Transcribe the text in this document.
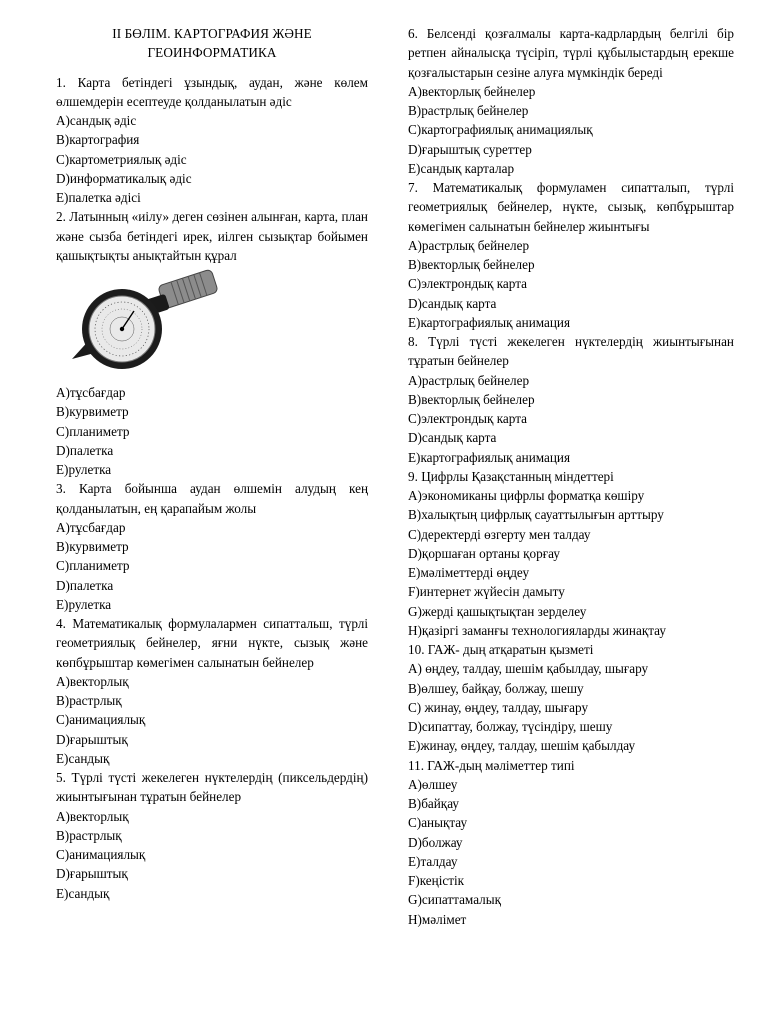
ІІ БӨЛІМ. КАРТОГРАФИЯ ЖӘНЕ
ГЕОИНФОРМАТИКА

1. Карта бетіндегі ұзындық, аудан, және көлем өлшемдерін есептеуде қолданылатын әдіс

A)сандық әдіс

B)картография

C)картометриялық әдіс

D)информатикалық әдіс

E)палетка әдісі

2. Латынның «иілу» деген сөзінен алынған, карта, план және сызба бетіндегі ирек, иілген сызықтар бойымен қашықтықты анықтайтын құрал

A)тұсбағдар

B)курвиметр

C)планиметр

D)палетка

E)рулетка

3. Карта бойынша аудан өлшемін алудың кең қолданылатын, ең қарапайым жолы

A)тұсбағдар

B)курвиметр

C)планиметр

D)палетка

E)рулетка

4. Математикалық формулалармен сипаттальш, түрлі геометриялық бейнелер, яғни нүкте, сызық және көпбұрыштар көмегімен салынатын бейнелер

A)векторлық

B)растрлық

C)анимациялық

D)ғарыштық

E)сандық

5. Түрлі түсті жекелеген нүктелердің (пиксельдердің) жиынтығынан тұратын бейнелер

A)векторлық

B)растрлық

C)анимациялық

D)ғарыштық

E)сандық

6. Белсенді қозғалмалы карта-кадрлардың белгілі бір ретпен айналысқа түсіріп, түрлі құбылыстардың ерекше қозғалыстарын сезіне алуға мүмкіндік береді

A)векторлық бейнелер

B)растрлық бейнелер

C)картографиялық анимациялық

D)ғарыштық суреттер

E)сандық карталар

7. Математикалық формуламен сипатталып, түрлі геометриялық бейнелер, нүкте, сызық, көпбұрыштар көмегімен салынатын бейнелер жиынтығы

A)растрлық бейнелер

B)векторлық бейнелер

C)электрондық карта

D)сандық карта

E)картографиялық анимация

8. Түрлі түсті жекелеген нүктелердің жиынтығынан тұратын бейнелер

A)растрлық бейнелер

B)векторлық бейнелер

C)электрондық карта

D)сандық карта

E)картографиялық анимация

9. Цифрлы Қазақстанның міндеттері

A)экономиканы цифрлы форматқа көшіру

B)халықтың цифрлық сауаттылығын арттыру

C)деректерді өзгерту мен талдау

D)қоршаған ортаны қорғау

E)мәліметтерді өңдеу

F)интернет жүйесін дамыту

G)жерді қашықтықтан зерделеу

H)қазіргі заманғы технологияларды жинақтау

10. ГАЖ- дың атқаратын қызметі

A) өңдеу, талдау, шешім қабылдау, шығару

B)өлшеу, байқау, болжау, шешу

C) жинау, өңдеу, талдау, шығару

D)сипаттау, болжау, түсіндіру, шешу

E)жинау, өңдеу, талдау, шешім қабылдау

11. ГАЖ-дың мәліметтер типі

A)өлшеу

B)байқау

C)анықтау

D)болжау

E)талдау

F)кеңістік

G)сипаттамалық

H)мәлімет
